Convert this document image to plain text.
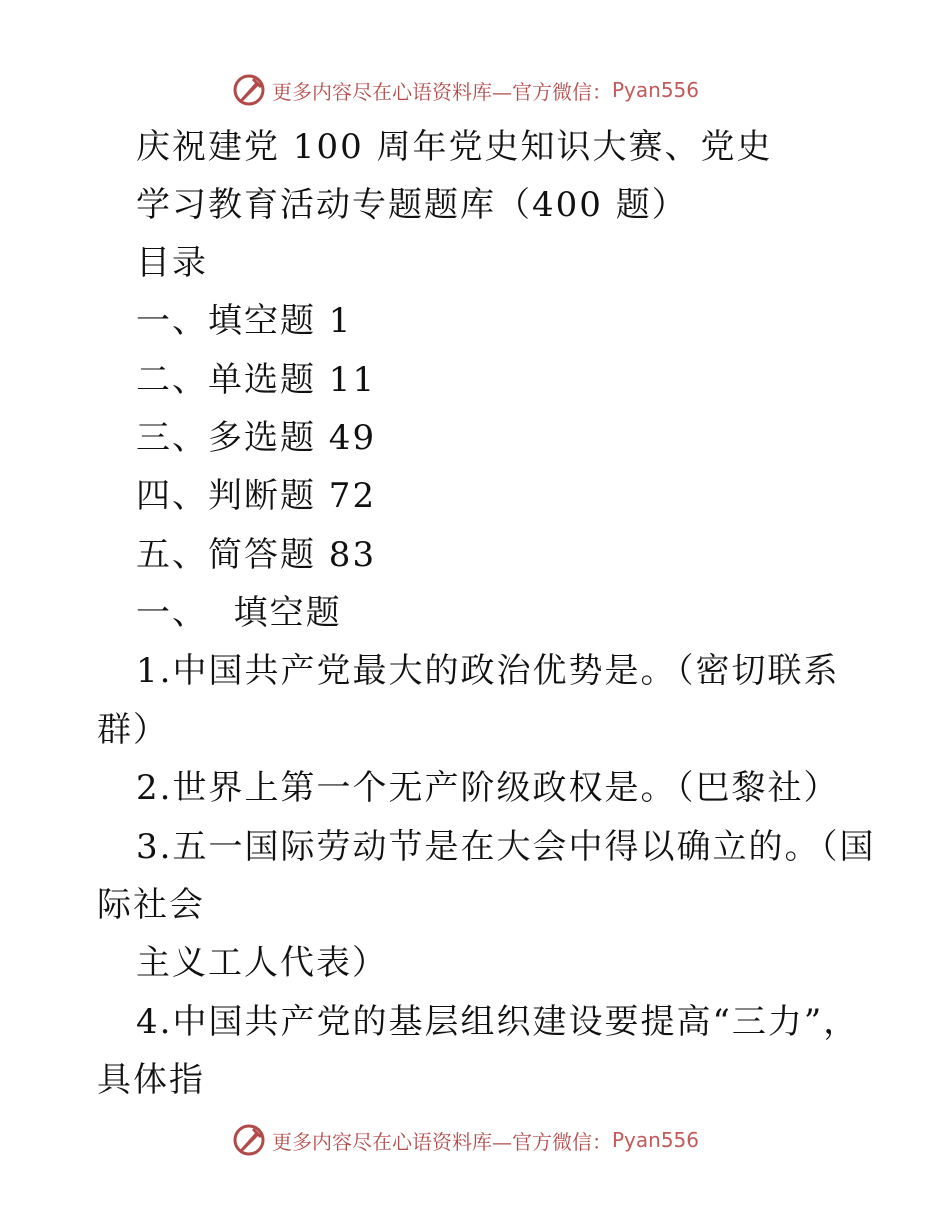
更多内容尽在心语资料库—官方微信： Pyan556
庆祝建党 100 周年党史知识大赛、党史
学习教育活动专题题库（400 题）
目录
一、填空题 1
二、单选题 11
三、多选题 49
四、判断题 72
五、简答题 83
一、  填空题
1.中国共产党最大的政治优势是。（密切联系
群）
2.世界上第一个无产阶级政权是。（巴黎社）
3.五一国际劳动节是在大会中得以确立的。（国
际社会
主义工人代表）
4.中国共产党的基层组织建设要提高“三力”，
具体指
更多内容尽在心语资料库—官方微信： Pyan556
